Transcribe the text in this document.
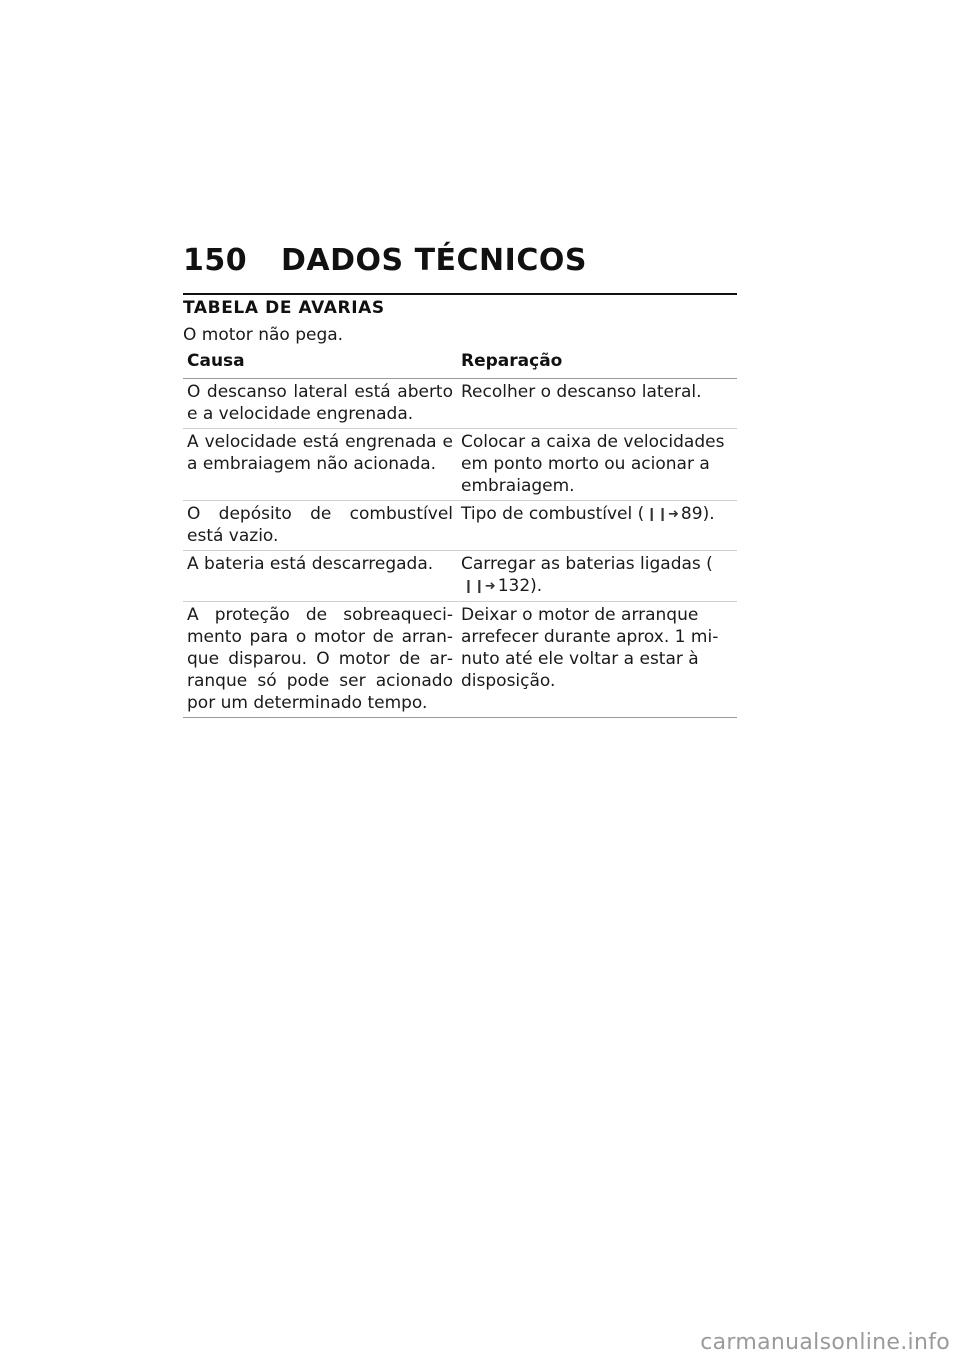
150	DADOS TÉCNICOS
TABELA DE AVARIAS
O motor não pega.
Causa	Reparação
O descanso lateral está aberto e a velocidade engrenada.	Recolher o descanso lateral.
A velocidade está engrenada e a embraiagem não acionada.	Colocar a caixa de velocidades em ponto morto ou acionar a embraiagem.
O depósito de combustível está vazio.	Tipo de combustível ( ❙❙➜ 89).
A bateria está descarregada.	Carregar as baterias ligadas (❙❙➜ 132).
A proteção de sobreaquecimento para o motor de arranque disparou. O motor de arranque só pode ser acionado por um determinado tempo.	Deixar o motor de arranque arrefecer durante aprox. 1 minuto até ele voltar a estar à disposição.
carmanualsonline.info
